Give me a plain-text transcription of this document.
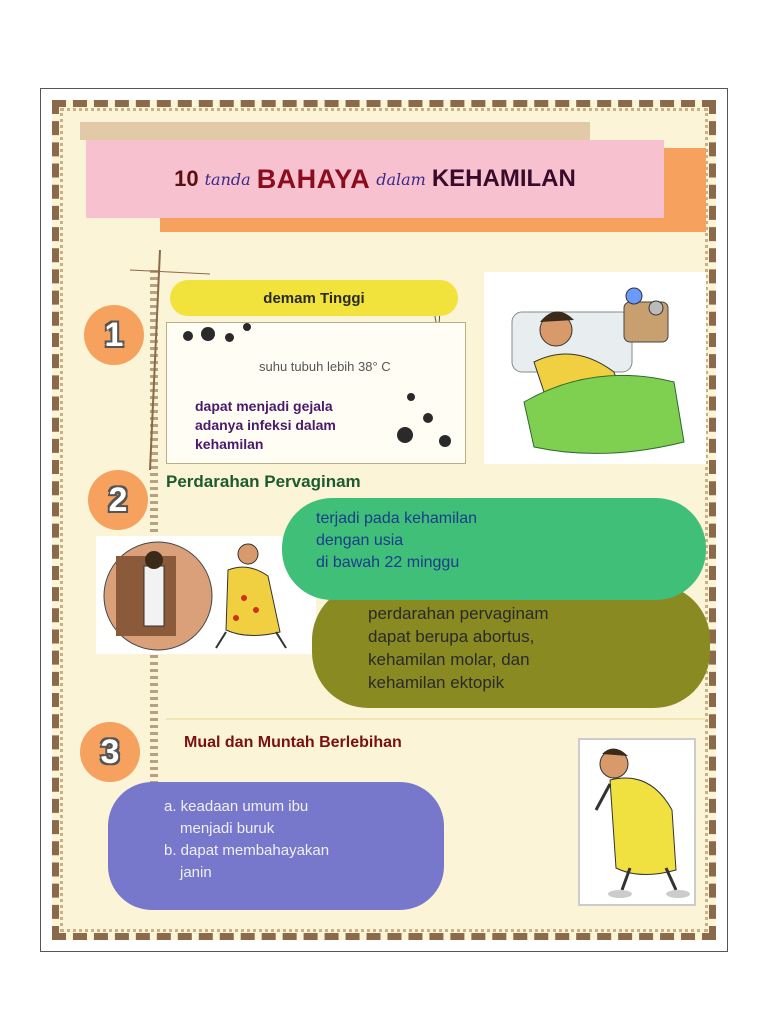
10 tanda BAHAYA dalam KEHAMILAN
1
demam Tinggi
suhu tubuh lebih 38° C
dapat menjadi gejala
adanya infeksi dalam
kehamilan
2 Perdarahan Pervaginam
perdarahan pervaginam
dapat berupa abortus,
kehamilan molar, dan
kehamilan ektopik
terjadi pada kehamilan
dengan usia
di bawah 22 minggu
3	Mual dan Muntah Berlebihan
a. keadaan umum ibu
menjadi buruk
b. dapat membahayakan
janin
